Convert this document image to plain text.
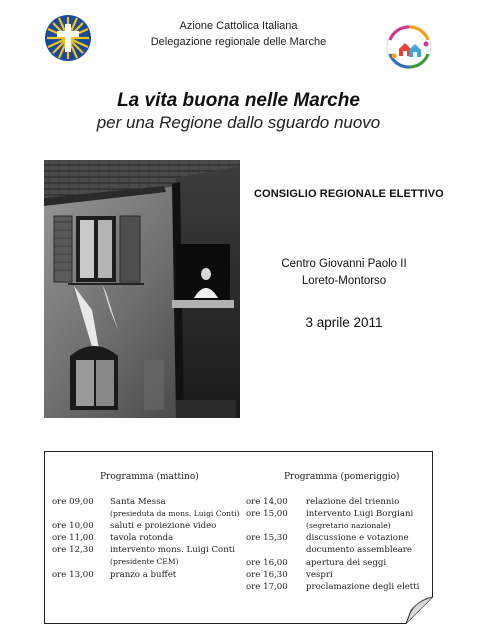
Azione Cattolica Italiana
Delegazione regionale delle Marche
La vita buona nelle Marche
per una Regione dallo sguardo nuovo
CONSIGLIO REGIONALE ELETTIVO
Centro Giovanni Paolo II
Loreto-Montorso
3 aprile 2011
Programma (mattino)	Programma (pomeriggio)
ore 09,00 Santa Messa
(presieduta da mons. Luigi Conti)
ore 10,00 saluti e proiezione video
ore 11,00 tavola rotonda
ore 12,30 intervento mons. Luigi Conti
(presidente CEM)
ore 13,00 pranzo a buffet
ore 14,00 relazione del triennio
ore 15,00 intervento Lugi Borgiani
(segretario nazionale)
ore 15,30 discussione e votazione
documento assembleare
ore 16,00 apertura dei seggi
ore 16,30 vespri
ore 17,00 proclamazione degli eletti
